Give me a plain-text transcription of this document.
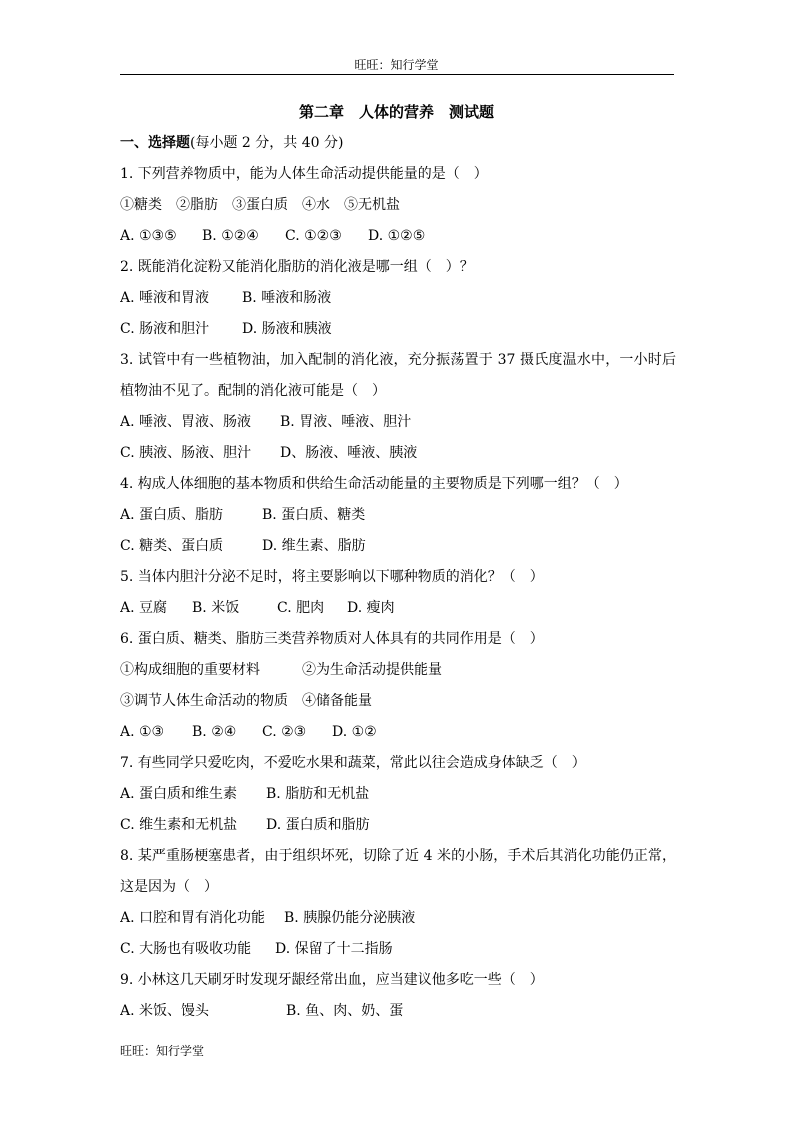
旺旺：知行学堂
第二章　人体的营养　测试题
一、选择题(每小题 2 分，共 40 分)
1. 下列营养物质中，能为人体生命活动提供能量的是（　）
①糖类　②脂肪　③蛋白质　④水　⑤无机盐
A. ①③⑤ B. ①②④ C. ①②③ D. ①②⑤
2. 既能消化淀粉又能消化脂肪的消化液是哪一组（　）？
A. 唾液和胃液 B. 唾液和肠液
C. 肠液和胆汁 D. 肠液和胰液
3. 试管中有一些植物油，加入配制的消化液，充分振荡置于 37 摄氏度温水中，一小时后植物油不见了。配制的消化液可能是（　）
A. 唾液、胃液、肠液 B. 胃液、唾液、胆汁
C. 胰液、肠液、胆汁 D、肠液、唾液、胰液
4. 构成人体细胞的基本物质和供给生命活动能量的主要物质是下列哪一组？（　）
A. 蛋白质、脂肪	B. 蛋白质、糖类
C. 糖类、蛋白质	D. 维生素、脂肪
5. 当体内胆汁分泌不足时，将主要影响以下哪种物质的消化？（　）
A. 豆腐 B. 米饭	C. 肥肉 D. 瘦肉
6. 蛋白质、糖类、脂肪三类营养物质对人体具有的共同作用是（　）
①构成细胞的重要材料	②为生命活动提供能量
③调节人体生命活动的物质 ④储备能量
A. ①③ B. ②④ C. ②③ D. ①②
7. 有些同学只爱吃肉，不爱吃水果和蔬菜，常此以往会造成身体缺乏（　）
A. 蛋白质和维生素 B. 脂肪和无机盐
C. 维生素和无机盐 D. 蛋白质和脂肪
8. 某严重肠梗塞患者，由于组织坏死，切除了近 4 米的小肠，手术后其消化功能仍正常，这是因为（　）
A. 口腔和胃有消化功能 B. 胰腺仍能分泌胰液
C. 大肠也有吸收功能 D. 保留了十二指肠
9. 小林这几天刷牙时发现牙龈经常出血，应当建议他多吃一些（　）
A. 米饭、馒头	B. 鱼、肉、奶、蛋
旺旺：知行学堂
